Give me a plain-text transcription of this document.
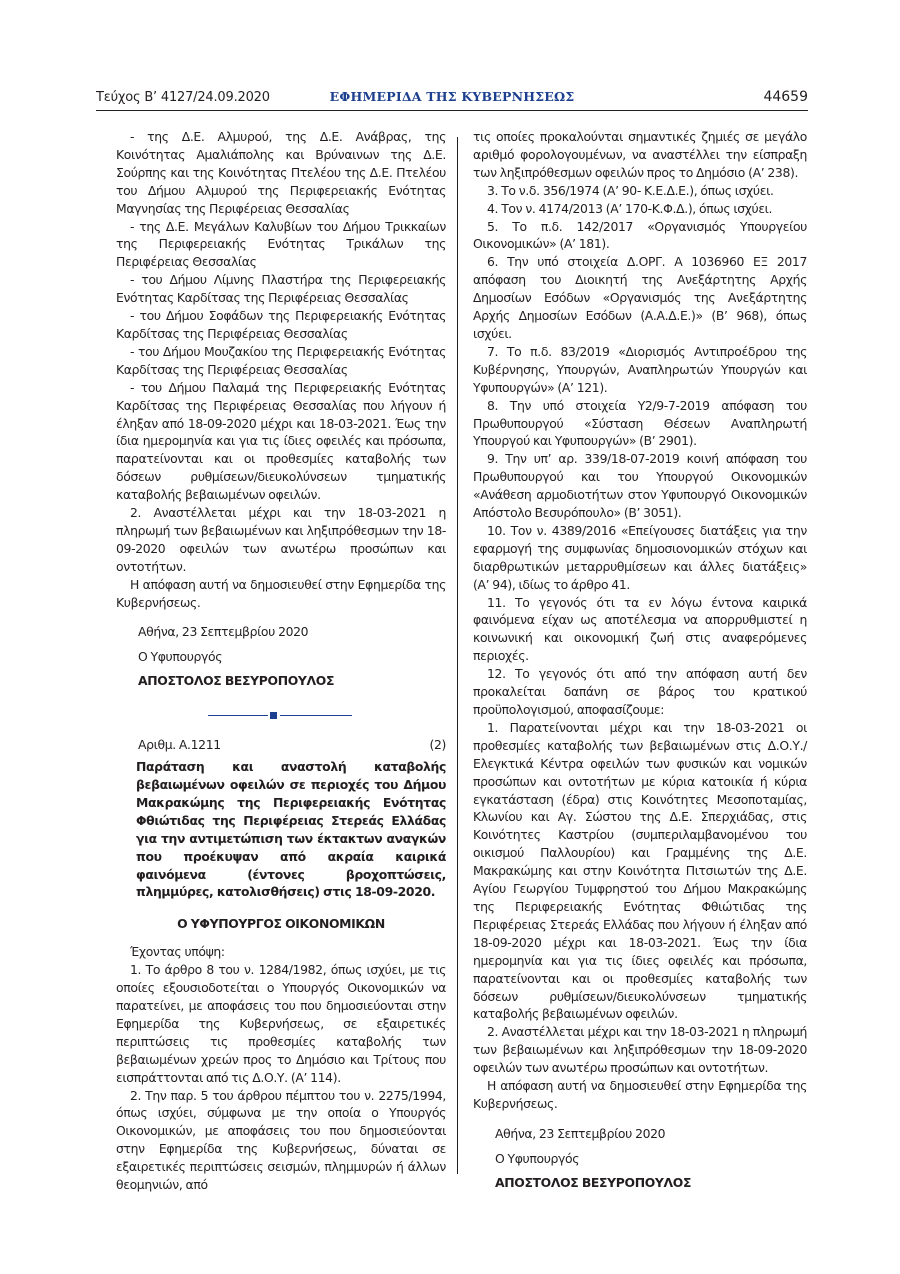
Τεύχος Β’ 4127/24.09.2020	ΕΦΗΜΕΡΙΔΑ ΤΗΣ ΚΥΒΕΡΝΗΣΕΩΣ	44659

- της Δ.Ε. Αλμυρού, της Δ.Ε. Ανάβρας, της Κοινότητας Αμαλιάπολης και Βρύναινων της Δ.Ε. Σούρπης και της Κοινότητας Πτελέου της Δ.Ε. Πτελέου του Δήμου Αλμυρού της Περιφερειακής Ενότητας Μαγνησίας της Περιφέρειας Θεσσαλίας

- της Δ.Ε. Μεγάλων Καλυβίων του Δήμου Τρικκαίων της Περιφερειακής Ενότητας Τρικάλων της Περιφέρειας Θεσσαλίας

- του Δήμου Λίμνης Πλαστήρα της Περιφερειακής Ενότητας Καρδίτσας της Περιφέρειας Θεσσαλίας

- του Δήμου Σοφάδων της Περιφερειακής Ενότητας Καρδίτσας της Περιφέρειας Θεσσαλίας

- του Δήμου Μουζακίου της Περιφερειακής Ενότητας Καρδίτσας της Περιφέρειας Θεσσαλίας

- του Δήμου Παλαμά της Περιφερειακής Ενότητας Καρδίτσας της Περιφέρειας Θεσσαλίας που λήγουν ή έληξαν από 18-09-2020 μέχρι και 18-03-2021. Έως την ίδια ημερομηνία και για τις ίδιες οφειλές και πρόσωπα, παρατείνονται και οι προθεσμίες καταβολής των δόσεων ρυθμίσεων/διευκολύνσεων τμηματικής καταβολής βεβαιωμένων οφειλών.

2. Αναστέλλεται μέχρι και την 18-03-2021 η πληρωμή των βεβαιωμένων και ληξιπρόθεσμων την 18-09-2020 οφειλών των ανωτέρω προσώπων και οντοτήτων.

Η απόφαση αυτή να δημοσιευθεί στην Εφημερίδα της Κυβερνήσεως.

Αθήνα, 23 Σεπτεμβρίου 2020
Ο Υφυπουργός
ΑΠΟΣΤΟΛΟΣ ΒΕΣΥΡΟΠΟΥΛΟΣ
Αριθμ. Α.1211	(2)

Παράταση και αναστολή καταβολής βεβαιωμένων οφειλών σε περιοχές του Δήμου Μακρακώμης της Περιφερειακής Ενότητας Φθιώτιδας της Περιφέρειας Στερεάς Ελλάδας για την αντιμετώπιση των έκτακτων αναγκών που προέκυψαν από ακραία καιρικά φαινόμενα (έντονες βροχοπτώσεις, πλημμύρες, κατολισθήσεις) στις 18-09-2020.

Ο ΥΦΥΠΟΥΡΓΟΣ ΟΙΚΟΝΟΜΙΚΩΝ

Έχοντας υπόψη:

1. Το άρθρο 8 του ν. 1284/1982, όπως ισχύει, με τις οποίες εξουσιοδοτείται ο Υπουργός Οικονομικών να παρατείνει, με αποφάσεις του που δημοσιεύονται στην Εφημερίδα της Κυβερνήσεως, σε εξαιρετικές περιπτώσεις τις προθεσμίες καταβολής των βεβαιωμένων χρεών προς το Δημόσιο και Τρίτους που εισπράττονται από τις Δ.Ο.Υ. (Α’ 114).

2. Την παρ. 5 του άρθρου πέμπτου του ν. 2275/1994, όπως ισχύει, σύμφωνα με την οποία ο Υπουργός Οικονομικών, με αποφάσεις του που δημοσιεύονται στην Εφημερίδα της Κυβερνήσεως, δύναται σε εξαιρετικές περιπτώσεις σεισμών, πλημμυρών ή άλλων θεομηνιών, από

τις οποίες προκαλούνται σημαντικές ζημιές σε μεγάλο αριθμό φορολογουμένων, να αναστέλλει την είσπραξη των ληξιπρόθεσμων οφειλών προς το Δημόσιο (Α’ 238).

3. Το ν.δ. 356/1974 (Α’ 90- Κ.Ε.Δ.Ε.), όπως ισχύει.

4. Τον ν. 4174/2013 (Α’ 170-Κ.Φ.Δ.), όπως ισχύει.

5. Το π.δ. 142/2017 «Οργανισμός Υπουργείου Οικονομικών» (Α’ 181).

6. Την υπό στοιχεία Δ.ΟΡΓ. Α 1036960 ΕΞ 2017 απόφαση του Διοικητή της Ανεξάρτητης Αρχής Δημοσίων Εσόδων «Οργανισμός της Ανεξάρτητης Αρχής Δημοσίων Εσόδων (Α.Α.Δ.Ε.)» (Β’ 968), όπως ισχύει.

7. Το π.δ. 83/2019 «Διορισμός Αντιπροέδρου της Κυβέρνησης, Υπουργών, Αναπληρωτών Υπουργών και Υφυπουργών» (Α’ 121).

8. Την υπό στοιχεία Υ2/9-7-2019 απόφαση του Πρωθυπουργού «Σύσταση Θέσεων Αναπληρωτή Υπουργού και Υφυπουργών» (Β’ 2901).

9. Την υπ’ αρ. 339/18-07-2019 κοινή απόφαση του Πρωθυπουργού και του Υπουργού Οικονομικών «Ανάθεση αρμοδιοτήτων στον Υφυπουργό Οικονομικών Απόστολο Βεσυρόπουλο» (Β’ 3051).

10. Τον ν. 4389/2016 «Επείγουσες διατάξεις για την εφαρμογή της συμφωνίας δημοσιονομικών στόχων και διαρθρωτικών μεταρρυθμίσεων και άλλες διατάξεις» (Α’ 94), ιδίως το άρθρο 41.

11. Το γεγονός ότι τα εν λόγω έντονα καιρικά φαινόμενα είχαν ως αποτέλεσμα να απορρυθμιστεί η κοινωνική και οικονομική ζωή στις αναφερόμενες περιοχές.

12. Το γεγονός ότι από την απόφαση αυτή δεν προκαλείται δαπάνη σε βάρος του κρατικού προϋπολογισμού, αποφασίζουμε:

1. Παρατείνονται μέχρι και την 18-03-2021 οι προθεσμίες καταβολής των βεβαιωμένων στις Δ.Ο.Υ./Ελεγκτικά Κέντρα οφειλών των φυσικών και νομικών προσώπων και οντοτήτων με κύρια κατοικία ή κύρια εγκατάσταση (έδρα) στις Κοινότητες Μεσοποταμίας, Κλωνίου και Αγ. Σώστου της Δ.Ε. Σπερχιάδας, στις Κοινότητες Καστρίου (συμπεριλαμβανομένου του οικισμού Παλλουρίου) και Γραμμένης της Δ.Ε. Μακρακώμης και στην Κοινότητα Πιτσιωτών της Δ.Ε. Αγίου Γεωργίου Τυμφρηστού του Δήμου Μακρακώμης της Περιφερειακής Ενότητας Φθιώτιδας της Περιφέρειας Στερεάς Ελλάδας που λήγουν ή έληξαν από 18-09-2020 μέχρι και 18-03-2021. Έως την ίδια ημερομηνία και για τις ίδιες οφειλές και πρόσωπα, παρατείνονται και οι προθεσμίες καταβολής των δόσεων ρυθμίσεων/διευκολύνσεων τμηματικής καταβολής βεβαιωμένων οφειλών.

2. Αναστέλλεται μέχρι και την 18-03-2021 η πληρωμή των βεβαιωμένων και ληξιπρόθεσμων την 18-09-2020 οφειλών των ανωτέρω προσώπων και οντοτήτων.

Η απόφαση αυτή να δημοσιευθεί στην Εφημερίδα της Κυβερνήσεως.

Αθήνα, 23 Σεπτεμβρίου 2020
Ο Υφυπουργός
ΑΠΟΣΤΟΛΟΣ ΒΕΣΥΡΟΠΟΥΛΟΣ
